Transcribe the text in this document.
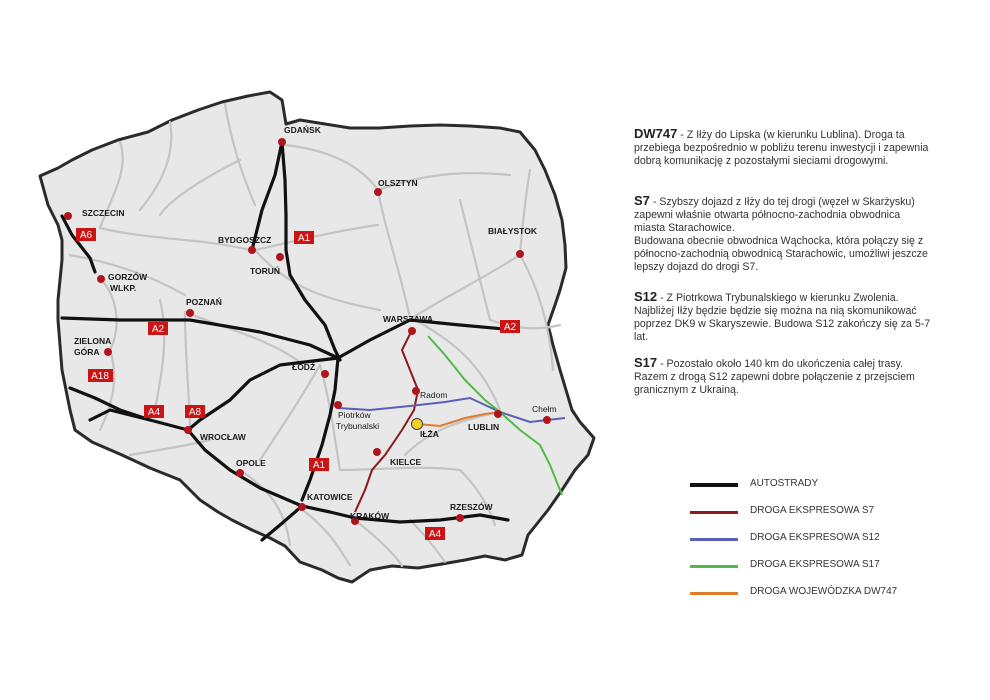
GDAŃSK
OLSZTYN
SZCZECIN
BYDGOSZCZ
TORUŃ
BIAŁYSTOK
GORZÓW
WLKP.
POZNAŃ
WARSZAWA
ZIELONA
GÓRA
ŁÓDŹ
Radom
Chełm
Piotrków
Trybunalski
IŁŻA
LUBLIN
WROCŁAW
KIELCE
OPOLE
KATOWICE
KRAKÓW
RZESZÓW
A6	A1
A2	A2
A18
A4	A8
A1
A4

DW747 - Z Iłży do Lipska (w kierunku Lublina). Droga ta przebiega bezpośrednio w pobliżu terenu inwestycji i zapewnia dobrą komunikację z pozostałymi sieciami drogowymi.

S7 - Szybszy dojazd z Iłży do tej drogi (węzeł w Skarżysku) zapewni właśnie otwarta północno-zachodnia obwodnica miasta Starachowice.

Budowana obecnie obwodnica Wąchocka, która połączy się z północno-zachodnią obwodnicą Starachowic, umożliwi jeszcze lepszy dojazd do drogi S7.

S12 - Z Piotrkowa Trybunalskiego w kierunku Zwolenia. Najbliżej Iłży będzie będzie się można na nią skomunikować poprzez DK9 w Skaryszewie. Budowa S12 zakończy się za 5-7 lat.

S17 - Pozostało około 140 km do ukończenia całej trasy. Razem z drogą S12 zapewni dobre połączenie z przejsciem granicznym z Ukrainą.

AUTOSTRADY
DROGA EKSPRESOWA S7
DROGA EKSPRESOWA S12
DROGA EKSPRESOWA S17
DROGA WOJEWÓDZKA DW747
